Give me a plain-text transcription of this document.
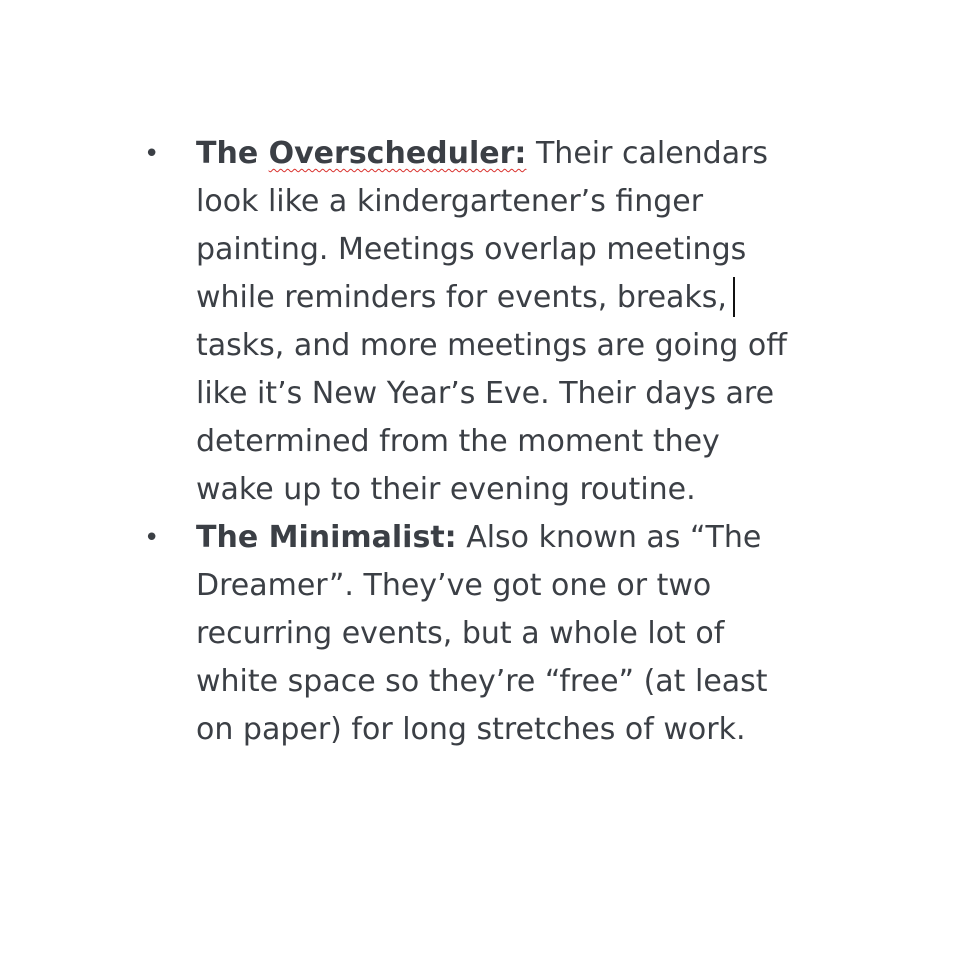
• The Overscheduler: Their calendars look like a kindergartener’s finger painting. Meetings overlap meetings while reminders for events, breaks, tasks, and more meetings are going off like it’s New Year’s Eve. Their days are determined from the moment they wake up to their evening routine.
• The Minimalist: Also known as “The Dreamer”. They’ve got one or two recurring events, but a whole lot of white space so they’re “free” (at least on paper) for long stretches of work.
